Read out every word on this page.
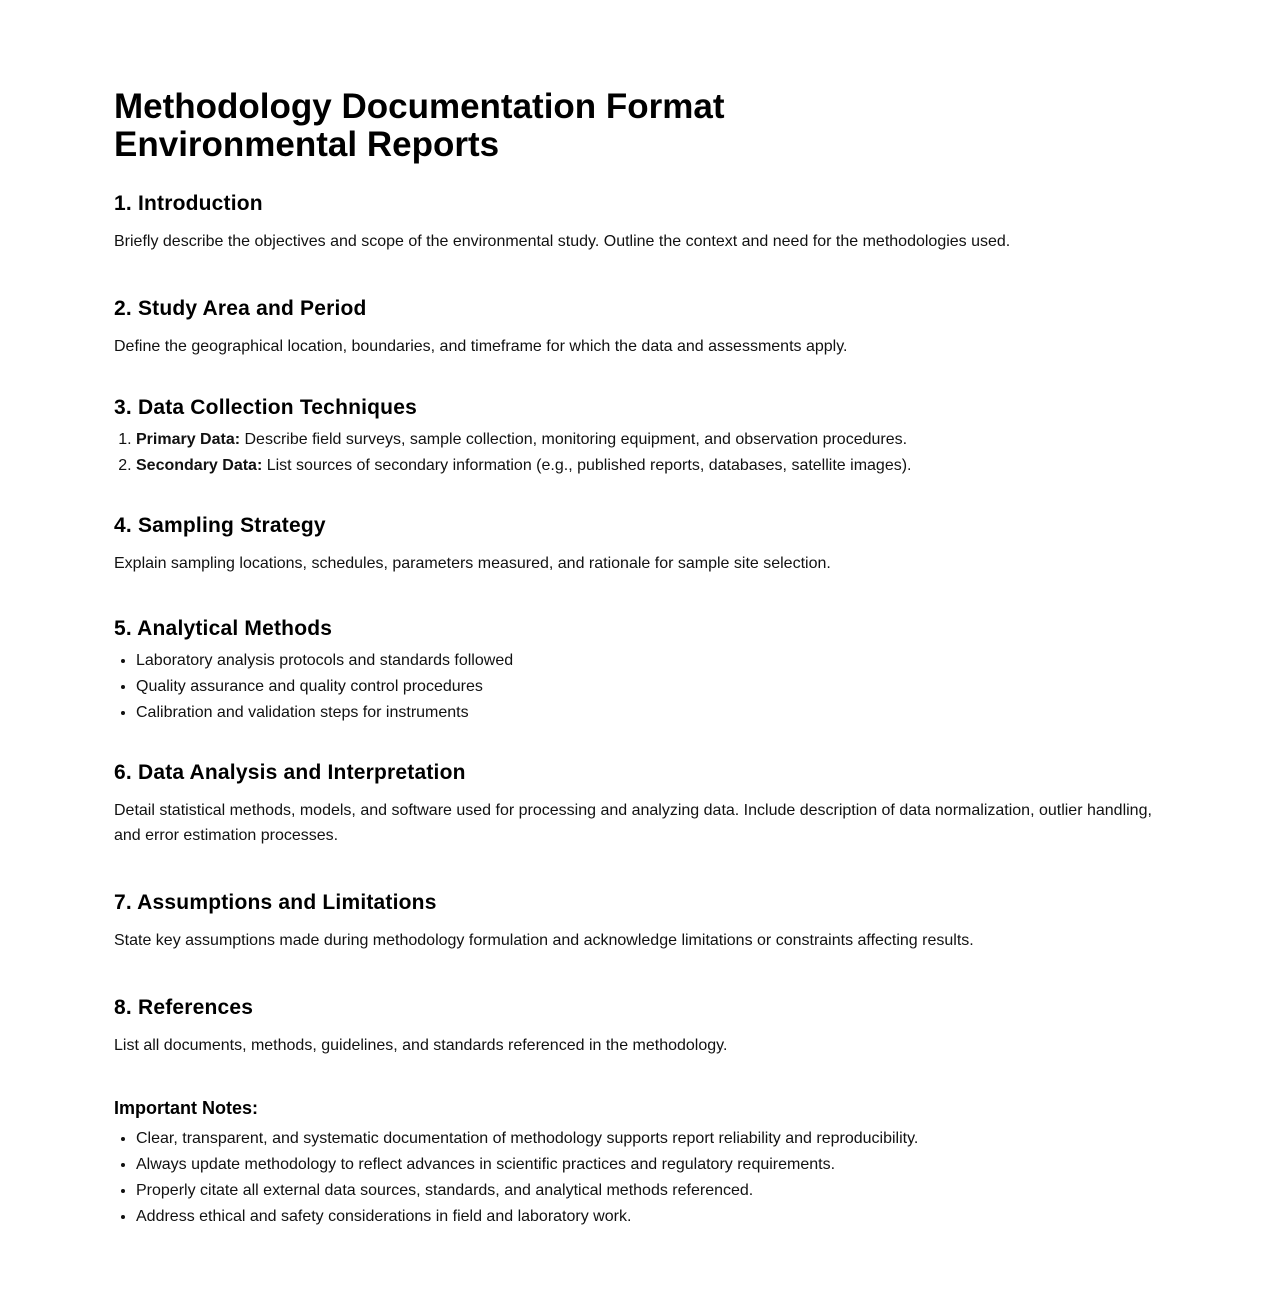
Methodology Documentation Format
Environmental Reports
1. Introduction

Briefly describe the objectives and scope of the environmental study. Outline the context and need for the methodologies used.

2. Study Area and Period

Define the geographical location, boundaries, and timeframe for which the data and assessments apply.

3. Data Collection Techniques
1. Primary Data: Describe field surveys, sample collection, monitoring equipment, and observation procedures.
2. Secondary Data: List sources of secondary information (e.g., published reports, databases, satellite images).
4. Sampling Strategy

Explain sampling locations, schedules, parameters measured, and rationale for sample site selection.

5. Analytical Methods
• Laboratory analysis protocols and standards followed
• Quality assurance and quality control procedures
• Calibration and validation steps for instruments
6. Data Analysis and Interpretation

Detail statistical methods, models, and software used for processing and analyzing data. Include description of data normalization, outlier handling, and error estimation processes.

7. Assumptions and Limitations

State key assumptions made during methodology formulation and acknowledge limitations or constraints affecting results.

8. References

List all documents, methods, guidelines, and standards referenced in the methodology.

Important Notes:
• Clear, transparent, and systematic documentation of methodology supports report reliability and reproducibility.
• Always update methodology to reflect advances in scientific practices and regulatory requirements.
• Properly citate all external data sources, standards, and analytical methods referenced.
• Address ethical and safety considerations in field and laboratory work.
